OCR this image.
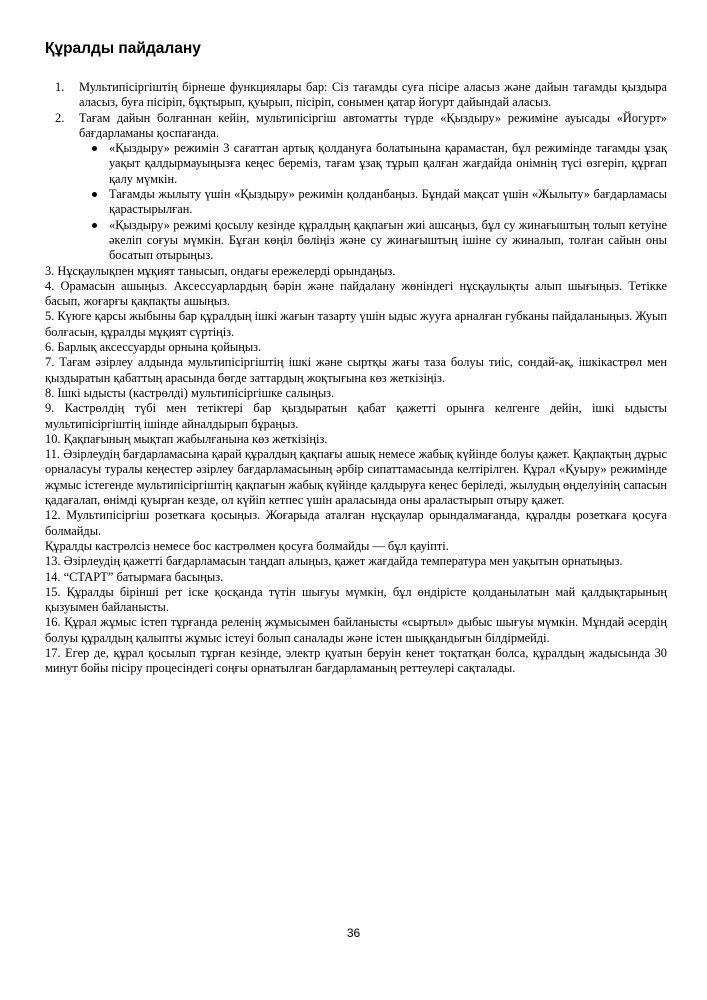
Құралды пайдалану
1. Мультипісіргіштің бірнеше функциялары бар: Сіз тағамды суға пісіре аласыз және дайын тағамды қыздыра аласыз, буға пісіріп, бұқтырып, қуырып, пісіріп, сонымен қатар йогурт дайындай аласыз.
2. Тағам дайын болғаннан кейін, мультипісіргіш автоматты түрде «Қыздыру» режиміне ауысады «Йогурт» бағдарламаны қоспағанда.
«Қыздыру» режимін 3 сағаттан артық қолдануға болатынына қарамастан, бұл режимінде тағамды ұзақ уақыт қалдырмауыңызға кеңес береміз, тағам ұзақ тұрып қалған жағдайда онімнің түсі өзгеріп, құрғап қалу мүмкін.
Тағамды жылыту үшін «Қыздыру» режимін қолданбаңыз. Бұндай мақсат үшін «Жылыту» бағдарламасы қарастырылған.
«Қыздыру» режимі қосылу кезінде құралдың қақпағын жиі ашсаңыз, бұл су жинағыштың толып кетуіне әкеліп соғуы мүмкін. Бұған көңіл бөліңіз және су жинағыштың ішіне су жиналып, толған сайын оны босатып отырыңыз.

3. Нұсқаулықпен мұқият танысып, ондағы ережелерді орындаңыз.

4. Орамасын ашыңыз. Аксессуарлардың бәрін және пайдалану жөніндегі нұсқаулықты алып шығыңыз. Тетікке басып, жоғарғы қақпақты ашыңыз.

5. Күюге қарсы жыбыны бар құралдың ішкі жағын тазарту үшін ыдыс жууға арналған губканы пайдаланыңыз. Жуып болғасын, құралды мұқият сүртіңіз.

6. Барлық аксессуарды орнына қойыңыз.

7. Тағам әзірлеу алдында мультипісіргіштің ішкі және сыртқы жағы таза болуы тиіс, сондай-ақ, ішкікастрөл мен қыздыратын қабаттың арасында бөгде заттардың жоқтығына көз жеткізіңіз.

8. Ішкі ыдысты (кастрөлді) мультипісіргішке салыңыз.

9. Кастрөлдің түбі мен тетіктері бар қыздыратын қабат қажетті орынға келгенге дейін, ішкі ыдысты мультипісіргіштің ішінде айналдырып бұраңыз.

10. Қақпағының мықтап жабылғанына көз жеткізіңіз.

11. Әзірлеудің бағдарламасына қарай құралдың қақпағы ашық немесе жабық күйінде болуы қажет. Қақпақтың дұрыс орналасуы туралы кеңестер әзірлеу бағдарламасының әрбір сипаттамасында келтірілген. Құрал «Қуыру» режимінде жұмыс істегенде мультипісіргіштің қақпағын жабық күйінде қалдыруға кеңес беріледі, жылудың өңделуінің сапасын қадағалап, өнімді қуырған кезде, ол күйіп кетпес үшін араласында оны араластырып отыру қажет.

12. Мультипісіргіш розеткаға қосыңыз. Жоғарыда аталған нұсқаулар орындалмағанда, құралды розеткаға қосуға болмайды.

Құралды кастрөлсіз немесе бос кастрөлмен қосуға болмайды — бұл қауіпті.

13. Әзірлеудің қажетті бағдарламасын таңдап алыңыз, қажет жағдайда температура мен уақытын орнатыңыз.

14. “СТАРТ” батырмаға басыңыз.

15. Құралды бірінші рет іске қосқанда түтін шығуы мүмкін, бұл өндірісте қолданылатын май қалдықтарының қызуымен байланысты.

16. Құрал жұмыс істеп тұрғанда реленің жұмысымен байланысты «сыртыл» дыбыс шығуы мүмкін. Мұндай әсердің болуы құралдың қалыпты жұмыс істеуі болып саналады және істен шыққандығын білдірмейді.

17. Егер де, құрал қосылып тұрған кезінде, электр қуатын беруін кенет тоқтатқан болса, құралдың жадысында 30 минут бойы пісіру процесіндегі соңғы орнатылған бағдарламаның реттеулері сақталады.

36
